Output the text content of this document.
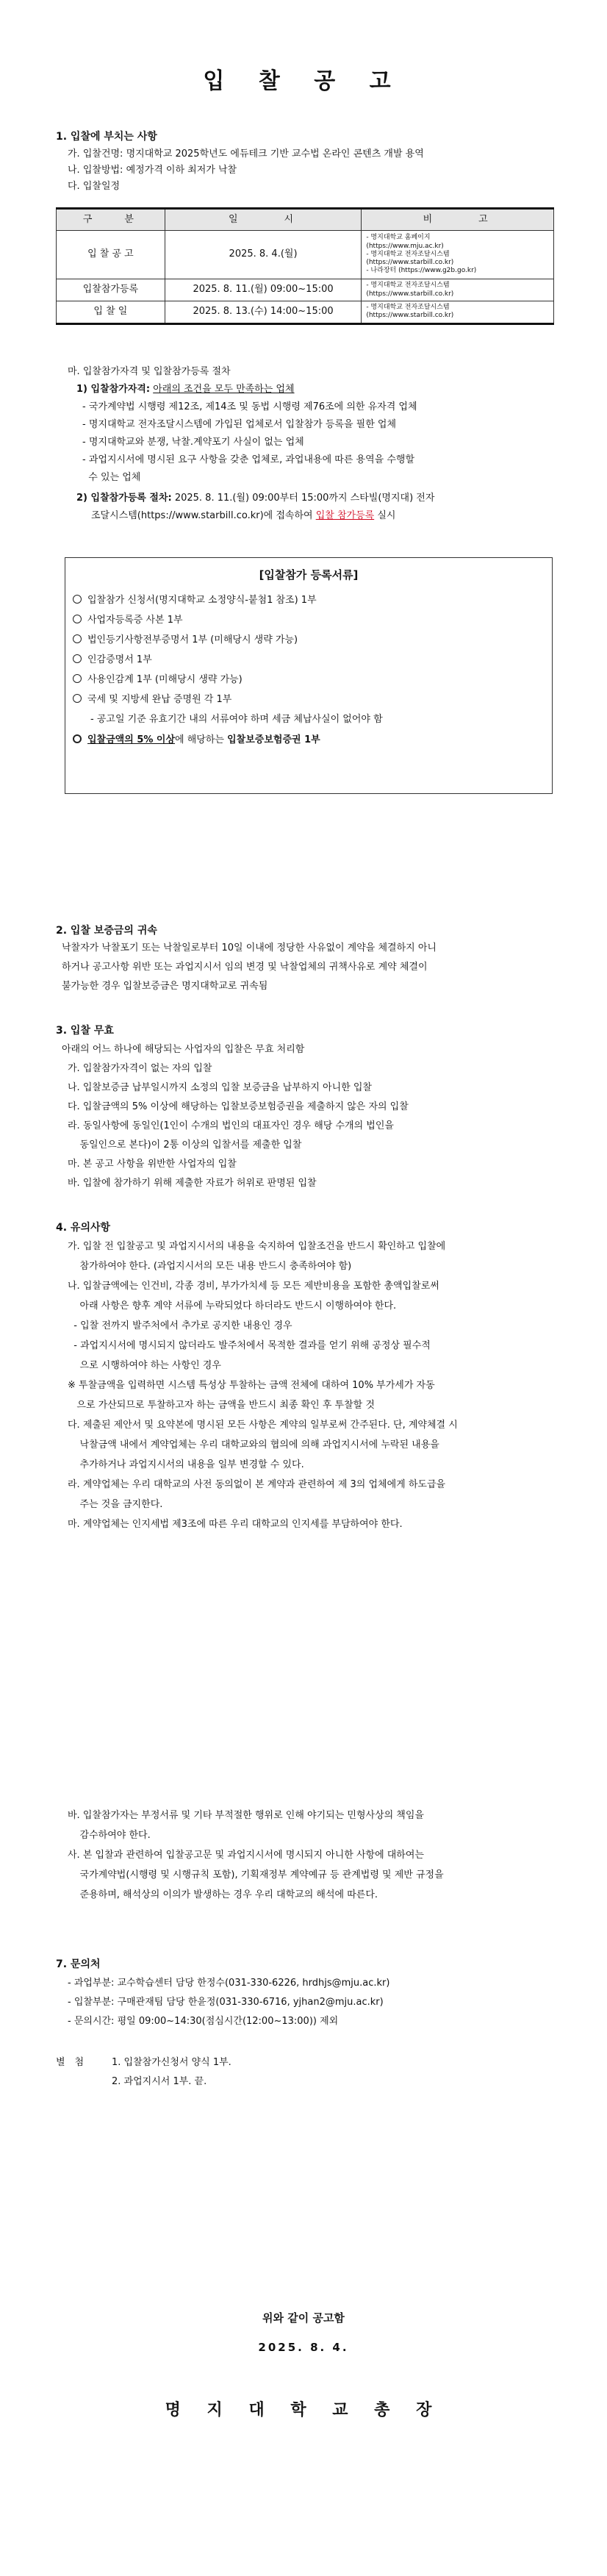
입 찰 공 고
1. 입찰에 부치는 사항
가. 입찰건명: 명지대학교 2025학년도 에듀테크 기반 교수법 온라인 콘텐츠 개발 용역
나. 입찰방법: 예정가격 이하 최저가 낙찰
다. 입찰일정
구　　분	일　　　시	비　　　고
입 찰 공 고	2025. 8. 4.(월)	- 명지대학교 홈페이지
(https://www.mju.ac.kr)
- 명지대학교 전자조달시스템
(https://www.starbill.co.kr)
- 나라장터 (https://www.g2b.go.kr)

입찰참가등록	2025. 8. 11.(월) 09:00~15:00	- 명지대학교 전자조달시스템
(https://www.starbill.co.kr)

입 찰 일	2025. 8. 13.(수) 14:00~15:00	- 명지대학교 전자조달시스템
(https://www.starbill.co.kr)
마. 입찰참가자격 및 입찰참가등록 절차
1) 입찰참가자격: 아래의 조건을 모두 만족하는 업체
- 국가계약법 시행령 제12조, 제14조 및 동법 시행령 제76조에 의한 유자격 업체
- 명지대학교 전자조달시스템에 가입된 업체로서 입찰참가 등록을 필한 업체
- 명지대학교와 분쟁, 낙찰․계약포기 사실이 없는 업체
- 과업지시서에 명시된 요구 사항을 갖춘 업체로, 과업내용에 따른 용역을 수행할
수 있는 업체
2) 입찰참가등록 절차: 2025. 8. 11.(월) 09:00부터 15:00까지 스타빌(명지대) 전자
조달시스템(https://www.starbill.co.kr)에 접속하여 입찰 참가등록 실시
[입찰참가 등록서류]
입찰참가 신청서(명지대학교 소정양식-붙첨1 참조) 1부
사업자등록증 사본 1부
법인등기사항전부증명서 1부 (미해당시 생략 가능)
인감증명서 1부
사용인감계 1부 (미해당시 생략 가능)
국세 및 지방세 완납 증명원 각 1부
- 공고일 기준 유효기간 내의 서류여야 하며 세금 체납사실이 없어야 함
입찰금액의 5% 이상에 해당하는 입찰보증보험증권 1부
2. 입찰 보증금의 귀속
낙찰자가 낙찰포기 또는 낙찰일로부터 10일 이내에 정당한 사유없이 계약을 체결하지 아니
하거나 공고사항 위반 또는 과업지시서 임의 변경 및 낙찰업체의 귀책사유로 계약 체결이
불가능한 경우 입찰보증금은 명지대학교로 귀속됨
3. 입찰 무효
아래의 어느 하나에 해당되는 사업자의 입찰은 무효 처리함
가. 입찰참가자격이 없는 자의 입찰
나. 입찰보증금 납부일시까지 소정의 입찰 보증금을 납부하지 아니한 입찰
다. 입찰금액의 5% 이상에 해당하는 입찰보증보험증권을 제출하지 않은 자의 입찰
라. 동일사항에 동일인(1인이 수개의 법인의 대표자인 경우 해당 수개의 법인을
동일인으로 본다)이 2통 이상의 입찰서를 제출한 입찰
마. 본 공고 사항을 위반한 사업자의 입찰
바. 입찰에 참가하기 위해 제출한 자료가 허위로 판명된 입찰
4. 유의사항
가. 입찰 전 입찰공고 및 과업지시서의 내용을 숙지하여 입찰조건을 반드시 확인하고 입찰에
참가하여야 한다. (과업지시서의 모든 내용 반드시 충족하여야 함)
나. 입찰금액에는 인건비, 각종 경비, 부가가치세 등 모든 제반비용을 포함한 총액입찰로써
아래 사항은 향후 계약 서류에 누락되었다 하더라도 반드시 이행하여야 한다.
- 입찰 전까지 발주처에서 추가로 공지한 내용인 경우
- 과업지시서에 명시되지 않더라도 발주처에서 목적한 결과를 얻기 위해 공정상 필수적
으로 시행하여야 하는 사항인 경우
※ 투찰금액을 입력하면 시스템 특성상 투찰하는 금액 전체에 대하여 10% 부가세가 자동
으로 가산되므로 투찰하고자 하는 금액을 반드시 최종 확인 후 투찰할 것
다. 제출된 제안서 및 요약본에 명시된 모든 사항은 계약의 일부로써 간주된다. 단, 계약체결 시
낙찰금액 내에서 계약업체는 우리 대학교와의 협의에 의해 과업지시서에 누락된 내용을
추가하거나 과업지시서의 내용을 일부 변경할 수 있다.
라. 계약업체는 우리 대학교의 사전 동의없이 본 계약과 관련하여 제 3의 업체에게 하도급을
주는 것을 금지한다.
마. 계약업체는 인지세법 제3조에 따른 우리 대학교의 인지세를 부담하여야 한다.
바. 입찰참가자는 부정서류 및 기타 부적절한 행위로 인해 야기되는 민형사상의 책임을
감수하여야 한다.
사. 본 입찰과 관련하여 입찰공고문 및 과업지시서에 명시되지 아니한 사항에 대하여는
국가계약법(시행령 및 시행규칙 포함), 기획재정부 계약예규 등 관계법령 및 제반 규정을
준용하며, 해석상의 이의가 발생하는 경우 우리 대학교의 해석에 따른다.
7. 문의처
- 과업부분: 교수학습센터 담당 한정수(031-330-6226, hrdhjs@mju.ac.kr)
- 입찰부분: 구매관재팀 담당 한윤정(031-330-6716, yjhan2@mju.ac.kr)
- 문의시간: 평일 09:00~14:30(점심시간(12:00~13:00)) 제외
별　첨	1. 입찰참가신청서 양식 1부.
2. 과업지시서 1부. 끝.
위와 같이 공고함
2025. 8. 4.
명 지 대 학 교 총 장
